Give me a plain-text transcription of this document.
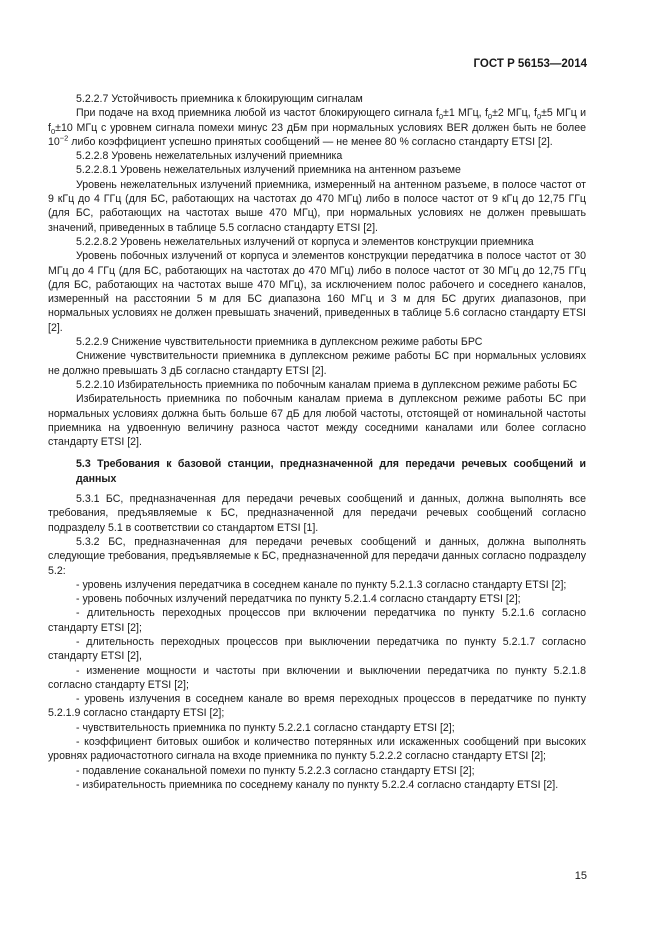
ГОСТ Р 56153—2014

5.2.2.7 Устойчивость приемника к блокирующим сигналам

При подаче на вход приемника любой из частот блокирующего сигнала $f_0\pm 1$ МГц, $f_0\pm 2$ МГц, $f_0\pm 5$ МГц и $f_0\pm 10$ МГц с уровнем сигнала помехи минус 23 дБм при нормальных условиях BER должен быть не более $10^{-2}$ либо коэффициент успешно принятых сообщений — не менее 80 % согласно стандарту ETSI [2].

5.2.2.8 Уровень нежелательных излучений приемника

5.2.2.8.1 Уровень нежелательных излучений приемника на антенном разъеме

Уровень нежелательных излучений приемника, измеренный на антенном разъеме, в полосе частот от 9 кГц до 4 ГГц (для БС, работающих на частотах до 470 МГц) либо в полосе частот от 9 кГц до 12,75 ГГц (для БС, работающих на частотах выше 470 МГц), при нормальных условиях не должен превышать значений, приведенных в таблице 5.5 согласно стандарту ETSI [2].

5.2.2.8.2 Уровень нежелательных излучений от корпуса и элементов конструкции приемника

Уровень побочных излучений от корпуса и элементов конструкции передатчика в полосе частот от 30 МГц до 4 ГГц (для БС, работающих на частотах до 470 МГц) либо в полосе частот от 30 МГц до 12,75 ГГц (для БС, работающих на частотах выше 470 МГц), за исключением полос рабочего и соседнего каналов, измеренный на расстоянии 5 м для БС диапазона 160 МГц и 3 м для БС других диапазонов, при нормальных условиях не должен превышать значений, приведенных в таблице 5.6 согласно стандарту ETSI [2].

5.2.2.9 Снижение чувствительности приемника в дуплексном режиме работы БРС

Снижение чувствительности приемника в дуплексном режиме работы БС при нормальных условиях не должно превышать 3 дБ согласно стандарту ETSI [2].

5.2.2.10 Избирательность приемника по побочным каналам приема в дуплексном режиме работы БС

Избирательность приемника по побочным каналам приема в дуплексном режиме работы БС при нормальных условиях должна быть больше 67 дБ для любой частоты, отстоящей от номинальной частоты приемника на удвоенную величину разноса частот между соседними каналами или более согласно стандарту ETSI [2].

5.3 Требования к базовой станции, предназначенной для передачи речевых сообщений и данных

5.3.1 БС, предназначенная для передачи речевых сообщений и данных, должна выполнять все требования, предъявляемые к БС, предназначенной для передачи речевых сообщений согласно подразделу 5.1 в соответствии со стандартом ETSI [1].

5.3.2 БС, предназначенная для передачи речевых сообщений и данных, должна выполнять следующие требования, предъявляемые к БС, предназначенной для передачи данных согласно подразделу 5.2:

- уровень излучения передатчика в соседнем канале по пункту 5.2.1.3 согласно стандарту ETSI [2];

- уровень побочных излучений передатчика по пункту 5.2.1.4 согласно стандарту ETSI [2];

- длительность переходных процессов при включении передатчика по пункту 5.2.1.6 согласно стандарту ETSI [2];

- длительность переходных процессов при выключении передатчика по пункту 5.2.1.7 согласно стандарту ETSI [2],

- изменение мощности и частоты при включении и выключении передатчика по пункту 5.2.1.8 согласно стандарту ETSI [2];

- уровень излучения в соседнем канале во время переходных процессов в передатчике по пункту 5.2.1.9 согласно стандарту ETSI [2];

- чувствительность приемника по пункту 5.2.2.1 согласно стандарту ETSI [2];

- коэффициент битовых ошибок и количество потерянных или искаженных сообщений при высоких уровнях радиочастотного сигнала на входе приемника по пункту 5.2.2.2 согласно стандарту ETSI [2];

- подавление соканальной помехи по пункту 5.2.2.3 согласно стандарту ETSI [2];

- избирательность приемника по соседнему каналу по пункту 5.2.2.4 согласно стандарту ETSI [2].

15
